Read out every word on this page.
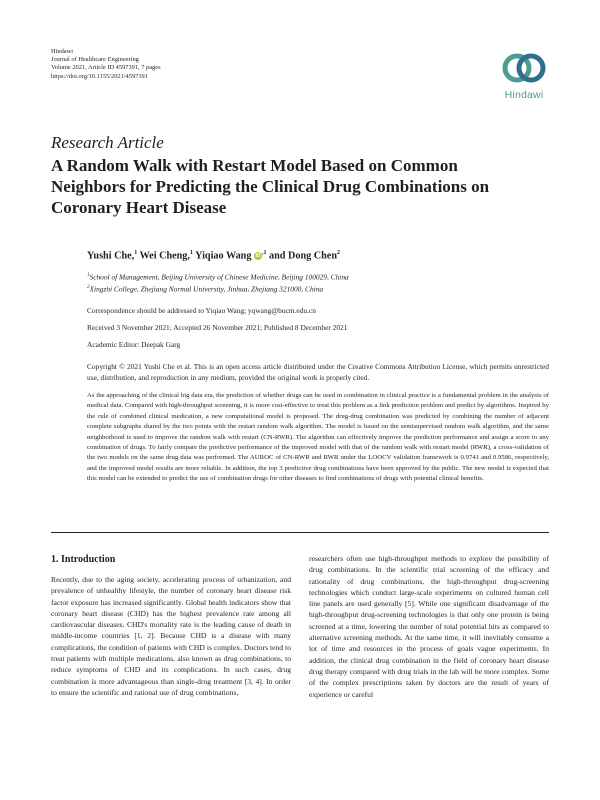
Hindawi
Journal of Healthcare Engineering
Volume 2021, Article ID 4597391, 7 pages
https://doi.org/10.1155/2021/4597391
Hindawi
Research Article
A Random Walk with Restart Model Based on Common Neighbors for Predicting the Clinical Drug Combinations on Coronary Heart Disease
Yushi Che,$^1$ Wei Cheng,$^1$ Yiqiao Wang $iD^{,1}$ and Dong Chen$^2$
$^1$School of Management, Beijing University of Chinese Medicine, Beijing 100029, China
$^2$Xingzhi College, Zhejiang Normal University, Jinhua, Zhejiang 321000, China
Correspondence should be addressed to Yiqiao Wang; yqwang@bucm.edu.cn
Received 3 November 2021; Accepted 26 November 2021; Published 8 December 2021
Academic Editor: Deepak Garg
Copyright © 2021 Yushi Che et al. This is an open access article distributed under the Creative Commons Attribution License, which permits unrestricted use, distribution, and reproduction in any medium, provided the original work is properly cited.
As the approaching of the clinical big data era, the prediction of whether drugs can be used in combination in clinical practice is a fundamental problem in the analysis of medical data. Compared with high-throughput screening, it is more cost-effective to treat this problem as a link prediction problem and predict by algorithms. Inspired by the rule of combined clinical medication, a new computational model is proposed. The drug-drug combination was predicted by combining the number of adjacent complete subgraphs shared by the two points with the restart random walk algorithm. The model is based on the semisupervised random walk algorithm, and the same neighborhood is used to improve the random walk with restart (CN-RWR). The algorithm can effectively improve the prediction performance and assign a score to any combination of drugs. To fairly compare the predictive performance of the improved model with that of the random walk with restart model (RWR), a cross-validation of the two models on the same drug data was performed. The AUROC of CN-RWR and RWR under the LOOCV validation framework is 0.9741 and 0.9586, respectively, and the improved model results are more reliable. In addition, the top 3 predictive drug combinations have been approved by the public. The new model is expected that this model can be extended to predict the use of combination drugs for other diseases to find combinations of drugs with potential clinical benefits.
1. Introduction
Recently, due to the aging society, accelerating process of urbanization, and prevalence of unhealthy lifestyle, the number of coronary heart disease risk factor exposure has increased significantly. Global health indicators show that coronary heart disease (CHD) has the highest prevalence rate among all cardiovascular diseases. CHD's mortality rate is the leading cause of death in middle-income countries [1, 2]. Because CHD is a disease with many complications, the condition of patients with CHD is complex. Doctors tend to treat patients with multiple medications, also known as drug combinations, to reduce symptoms of CHD and its complications. In such cases, drug combination is more advantageous than single-drug treatment [3, 4]. In order to ensure the scientific and rational use of drug combinations,
researchers often use high-throughput methods to explore the possibility of drug combinations. In the scientific trial screening of the efficacy and rationality of drug combinations, the high-throughput drug-screening technologies which conduct large-scale experiments on cultured human cell line panels are used generally [5]. While one significant disadvantage of the high-throughput drug-screening technologies is that only one protein is being screened at a time, lowering the number of total potential hits as compared to alternative screening methods. At the same time, it will inevitably consume a lot of time and resources in the process of goals vague experiments. In addition, the clinical drug combination in the field of coronary heart disease drug therapy compared with drug trials in the lab will be more complex. Some of the complex prescriptions taken by doctors are the result of years of experience or careful
